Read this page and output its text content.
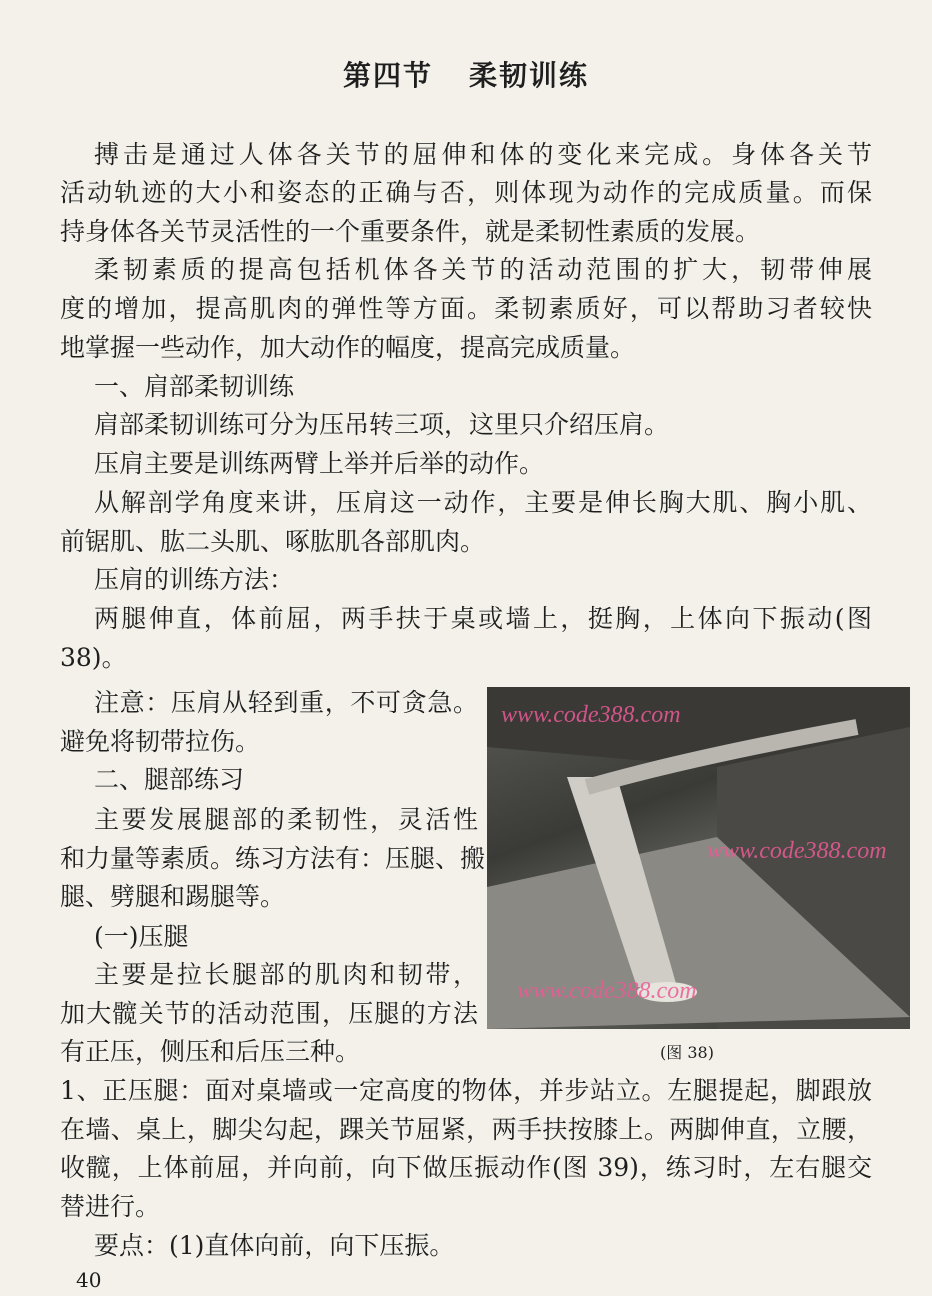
第四节 柔韧训练
搏击是通过人体各关节的屈伸和体的变化来完成。身体各关节
活动轨迹的大小和姿态的正确与否，则体现为动作的完成质量。而保
持身体各关节灵活性的一个重要条件，就是柔韧性素质的发展。
柔韧素质的提高包括机体各关节的活动范围的扩大，韧带伸展
度的增加，提高肌肉的弹性等方面。柔韧素质好，可以帮助习者较快
地掌握一些动作，加大动作的幅度，提高完成质量。
一、肩部柔韧训练
肩部柔韧训练可分为压吊转三项，这里只介绍压肩。
压肩主要是训练两臂上举并后举的动作。
从解剖学角度来讲，压肩这一动作，主要是伸长胸大肌、胸小肌、
前锯肌、肱二头肌、啄肱肌各部肌肉。
压肩的训练方法：
两腿伸直，体前屈，两手扶于桌或墙上，挺胸，上体向下振动(图
38)。
注意：压肩从轻到重，不可贪急。
避免将韧带拉伤。
二、腿部练习
主要发展腿部的柔韧性，灵活性
和力量等素质。练习方法有：压腿、搬
腿、劈腿和踢腿等。
(一)压腿
主要是拉长腿部的肌肉和韧带，
加大髋关节的活动范围，压腿的方法
有正压，侧压和后压三种。
www.code388.com
www.code388.com
www.code388.com
(图 38)
1、正压腿：面对桌墙或一定高度的物体，并步站立。左腿提起，脚跟放
在墙、桌上，脚尖勾起，踝关节屈紧，两手扶按膝上。两脚伸直，立腰，
收髋，上体前屈，并向前，向下做压振动作(图 39)，练习时，左右腿交
替进行。
要点：(1)直体向前，向下压振。
40
